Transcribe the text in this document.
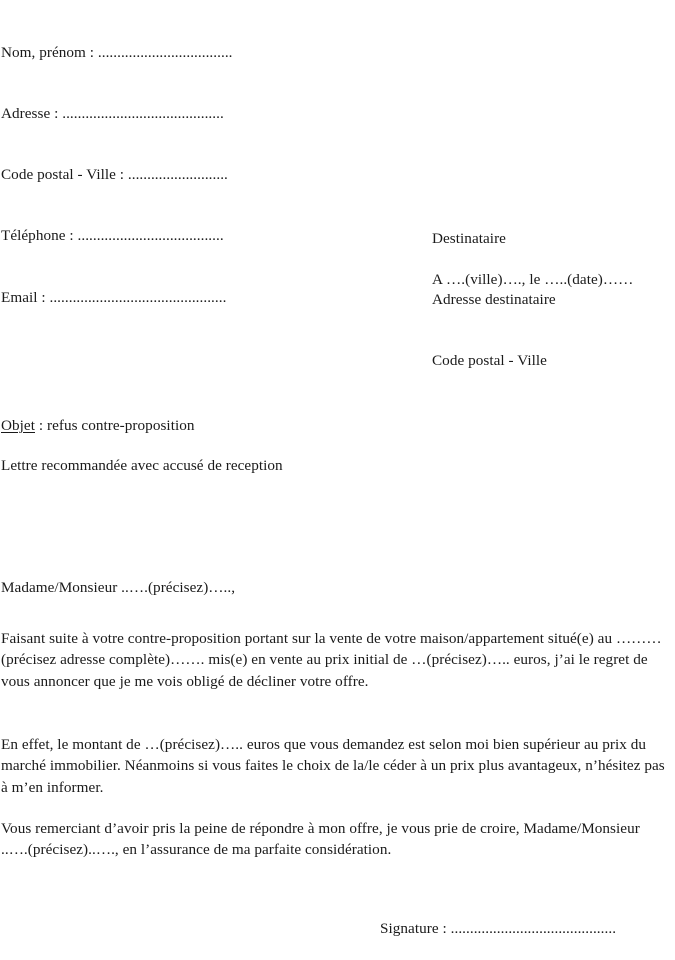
Nom, prénom : ...................................

Adresse : ..........................................

Code postal - Ville : ..........................

Téléphone : ......................................

Email : ..............................................

Destinataire

Adresse destinataire

Code postal - Ville

A ….(ville)…., le …..(date)……
Objet : refus contre-proposition
Lettre recommandée avec accusé de reception
Madame/Monsieur ..….(précisez)…..,

Faisant suite à votre contre-proposition portant sur la vente de votre maison/appartement situé(e) au ………(précisez adresse complète)……. mis(e) en vente au prix initial de …(précisez)….. euros, j’ai le regret de vous annoncer que je me vois obligé de décliner votre offre.

En effet, le montant de …(précisez)….. euros que vous demandez est selon moi bien supérieur au prix du marché immobilier. Néanmoins si vous faites le choix de la/le céder à un prix plus avantageux, n’hésitez pas à m’en informer.

Vous remerciant d’avoir pris la peine de répondre à mon offre, je vous prie de croire, Madame/Monsieur ..….(précisez)..…., en l’assurance de ma parfaite considération.

Signature : ...........................................
